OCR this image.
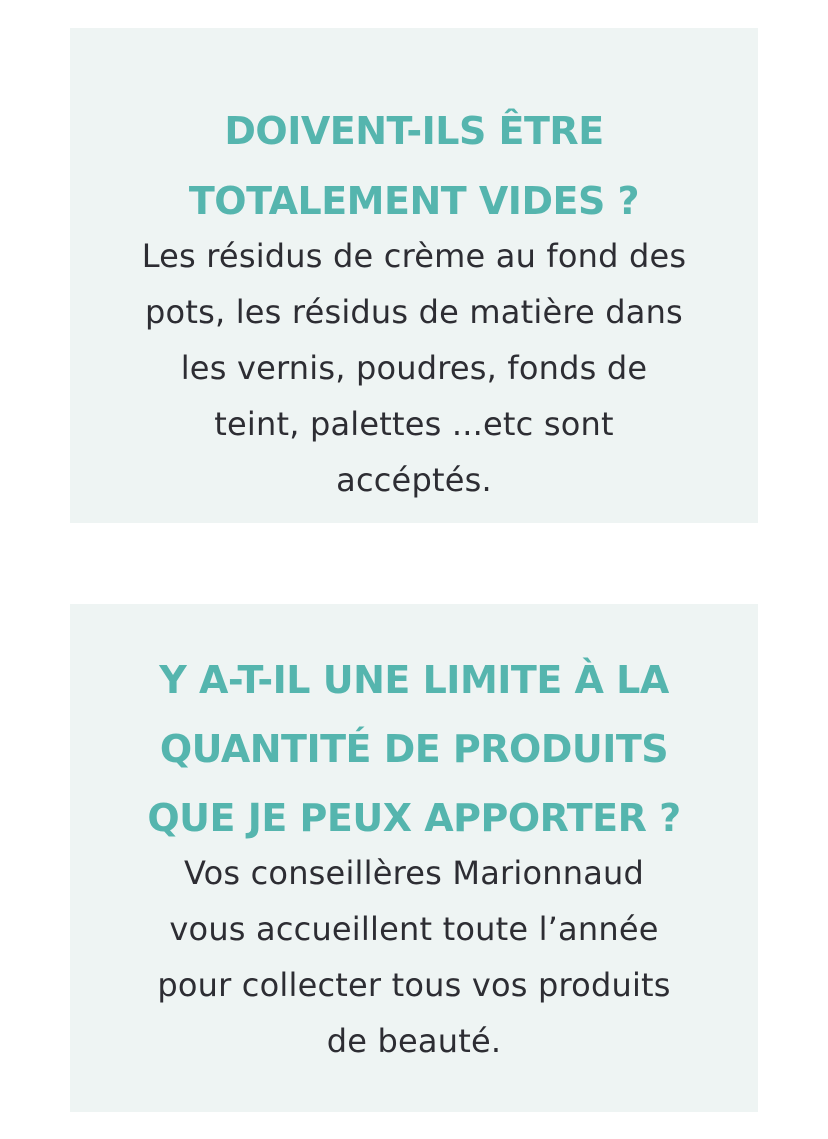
DOIVENT-ILS ÊTRE
TOTALEMENT VIDES ?

Les résidus de crème au fond des
pots, les résidus de matière dans
les vernis, poudres, fonds de
teint, palettes ...etc sont
accéptés.

Y A-T-IL UNE LIMITE À LA
QUANTITÉ DE PRODUITS
QUE JE PEUX APPORTER ?

Vos conseillères Marionnaud
vous accueillent toute l’année
pour collecter tous vos produits
de beauté.
